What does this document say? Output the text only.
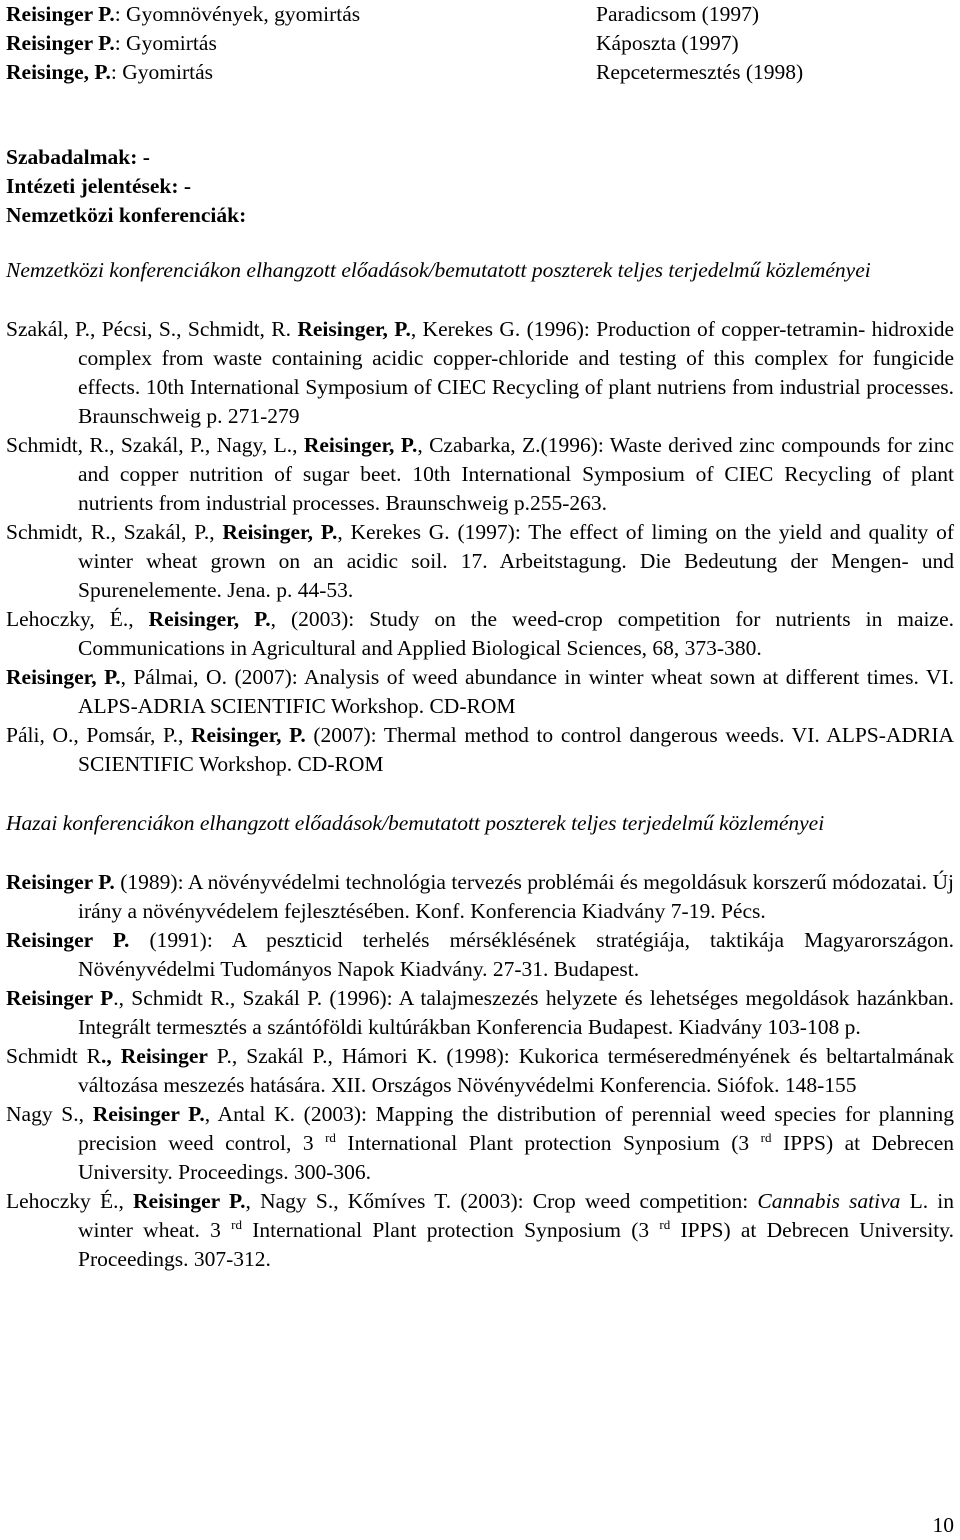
Reisinger P.: Gyomnövények, gyomirtás	Paradicsom (1997)
Reisinger P.: Gyomirtás	Káposzta (1997)
Reisinge, P.: Gyomirtás	Repcetermesztés (1998)
Szabadalmak: -
Intézeti jelentések: -
Nemzetközi konferenciák:
Nemzetközi konferenciákon elhangzott előadások/bemutatott poszterek teljes terjedelmű közleményei
Szakál, P., Pécsi, S., Schmidt, R. Reisinger, P., Kerekes G. (1996): Production of copper-tetramin- hidroxide complex from waste containing acidic copper-chloride and testing of this complex for fungicide effects. 10th International Symposium of CIEC Recycling of plant nutriens from industrial processes. Braunschweig p. 271-279
Schmidt, R., Szakál, P., Nagy, L., Reisinger, P., Czabarka, Z.(1996): Waste derived zinc compounds for zinc and copper nutrition of sugar beet. 10th International Symposium of CIEC Recycling of plant nutrients from industrial processes. Braunschweig p.255-263.
Schmidt, R., Szakál, P., Reisinger, P., Kerekes G. (1997): The effect of liming on the yield and quality of winter wheat grown on an acidic soil. 17. Arbeitstagung. Die Bedeutung der Mengen- und Spurenelemente. Jena. p. 44-53.
Lehoczky, É., Reisinger, P., (2003): Study on the weed-crop competition for nutrients in maize. Communications in Agricultural and Applied Biological Sciences, 68, 373-380.
Reisinger, P., Pálmai, O. (2007): Analysis of weed abundance in winter wheat sown at different times. VI. ALPS-ADRIA SCIENTIFIC Workshop. CD-ROM
Páli, O., Pomsár, P., Reisinger, P. (2007): Thermal method to control dangerous weeds. VI. ALPS-ADRIA SCIENTIFIC Workshop. CD-ROM
Hazai konferenciákon elhangzott előadások/bemutatott poszterek teljes terjedelmű közleményei
Reisinger P. (1989): A növényvédelmi technológia tervezés problémái és megoldásuk korszerű módozatai. Új irány a növényvédelem fejlesztésében. Konf. Konferencia Kiadvány 7-19. Pécs.
Reisinger P. (1991): A peszticid terhelés mérséklésének stratégiája, taktikája Magyarországon. Növényvédelmi Tudományos Napok Kiadvány. 27-31. Budapest.
Reisinger P., Schmidt R., Szakál P. (1996): A talajmeszezés helyzete és lehetséges megoldások hazánkban. Integrált termesztés a szántóföldi kultúrákban Konferencia Budapest. Kiadvány 103-108 p.
Schmidt R., Reisinger P., Szakál P., Hámori K. (1998): Kukorica terméseredményének és beltartalmának változása meszezés hatására. XII. Országos Növényvédelmi Konferencia. Siófok. 148-155
Nagy S., Reisinger P., Antal K. (2003): Mapping the distribution of perennial weed species for planning precision weed control, 3 $^{rd}$ International Plant protection Synposium (3 $^{rd}$ IPPS) at Debrecen University. Proceedings. 300-306.
Lehoczky É., Reisinger P., Nagy S., Kőmíves T. (2003): Crop weed competition: Cannabis sativa L. in winter wheat. 3 $^{rd}$ International Plant protection Synposium (3 $^{rd}$ IPPS) at Debrecen University. Proceedings. 307-312.
10
